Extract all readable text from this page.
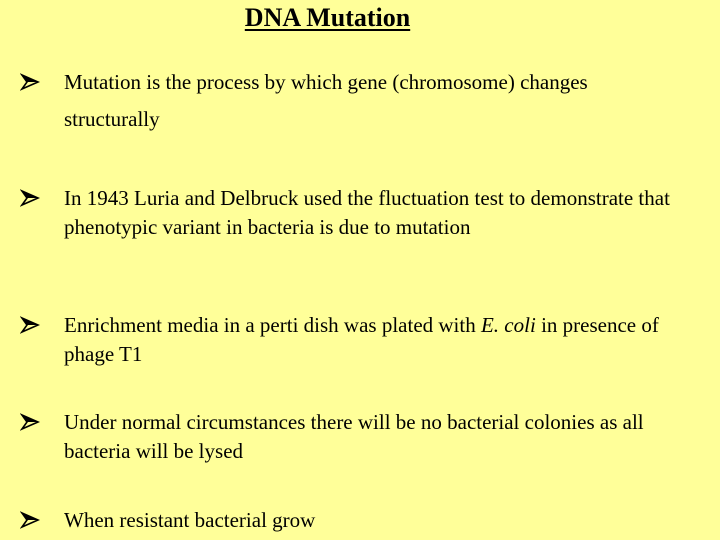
DNA Mutation
Mutation is the process by which gene (chromosome) changes structurally
In 1943 Luria and Delbruck used the fluctuation test to demonstrate that phenotypic variant in bacteria is due to mutation
Enrichment media in a perti dish was plated with E. coli in presence of phage T1
Under normal circumstances there will be no bacterial colonies as all bacteria will be lysed
When resistant bacterial grow
